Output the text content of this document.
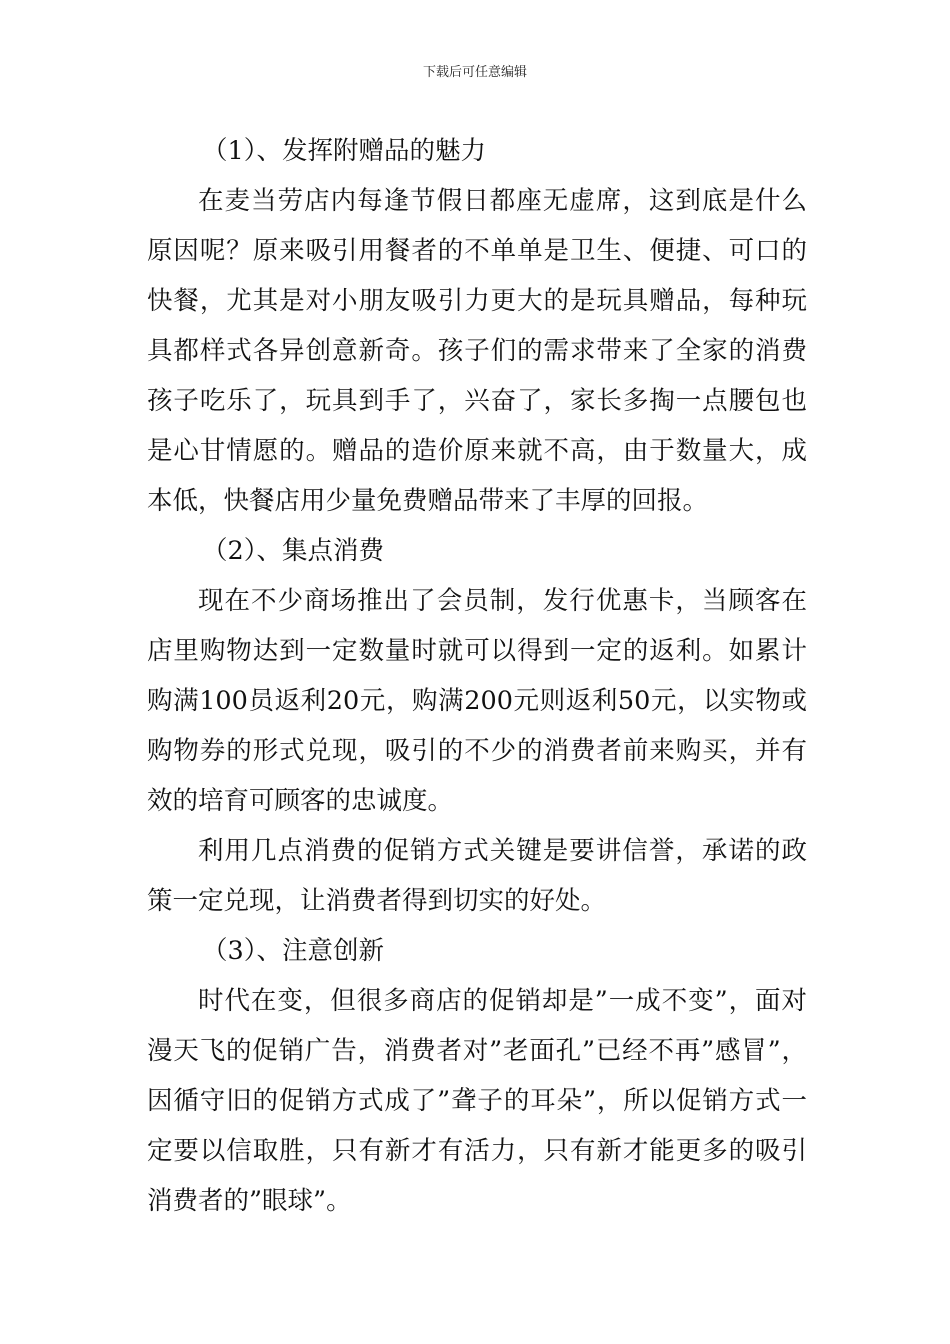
下载后可任意编辑

（1）、发挥附赠品的魅力

在麦当劳店内每逢节假日都座无虚席，这到底是什么原因呢？原来吸引用餐者的不单单是卫生、便捷、可口的快餐，尤其是对小朋友吸引力更大的是玩具赠品，每种玩具都样式各异创意新奇。孩子们的需求带来了全家的消费孩子吃乐了，玩具到手了，兴奋了，家长多掏一点腰包也是心甘情愿的。赠品的造价原来就不高，由于数量大，成本低，快餐店用少量免费赠品带来了丰厚的回报。

（2）、集点消费

现在不少商场推出了会员制，发行优惠卡，当顾客在店里购物达到一定数量时就可以得到一定的返利。如累计购满100员返利20元，购满200元则返利50元，以实物或购物券的形式兑现，吸引的不少的消费者前来购买，并有效的培育可顾客的忠诚度。

利用几点消费的促销方式关键是要讲信誉，承诺的政策一定兑现，让消费者得到切实的好处。

（3）、注意创新

时代在变，但很多商店的促销却是”一成不变”，面对漫天飞的促销广告，消费者对”老面孔”已经不再”感冒”，因循守旧的促销方式成了”聋子的耳朵”，所以促销方式一定要以信取胜，只有新才有活力，只有新才能更多的吸引消费者的”眼球”。
